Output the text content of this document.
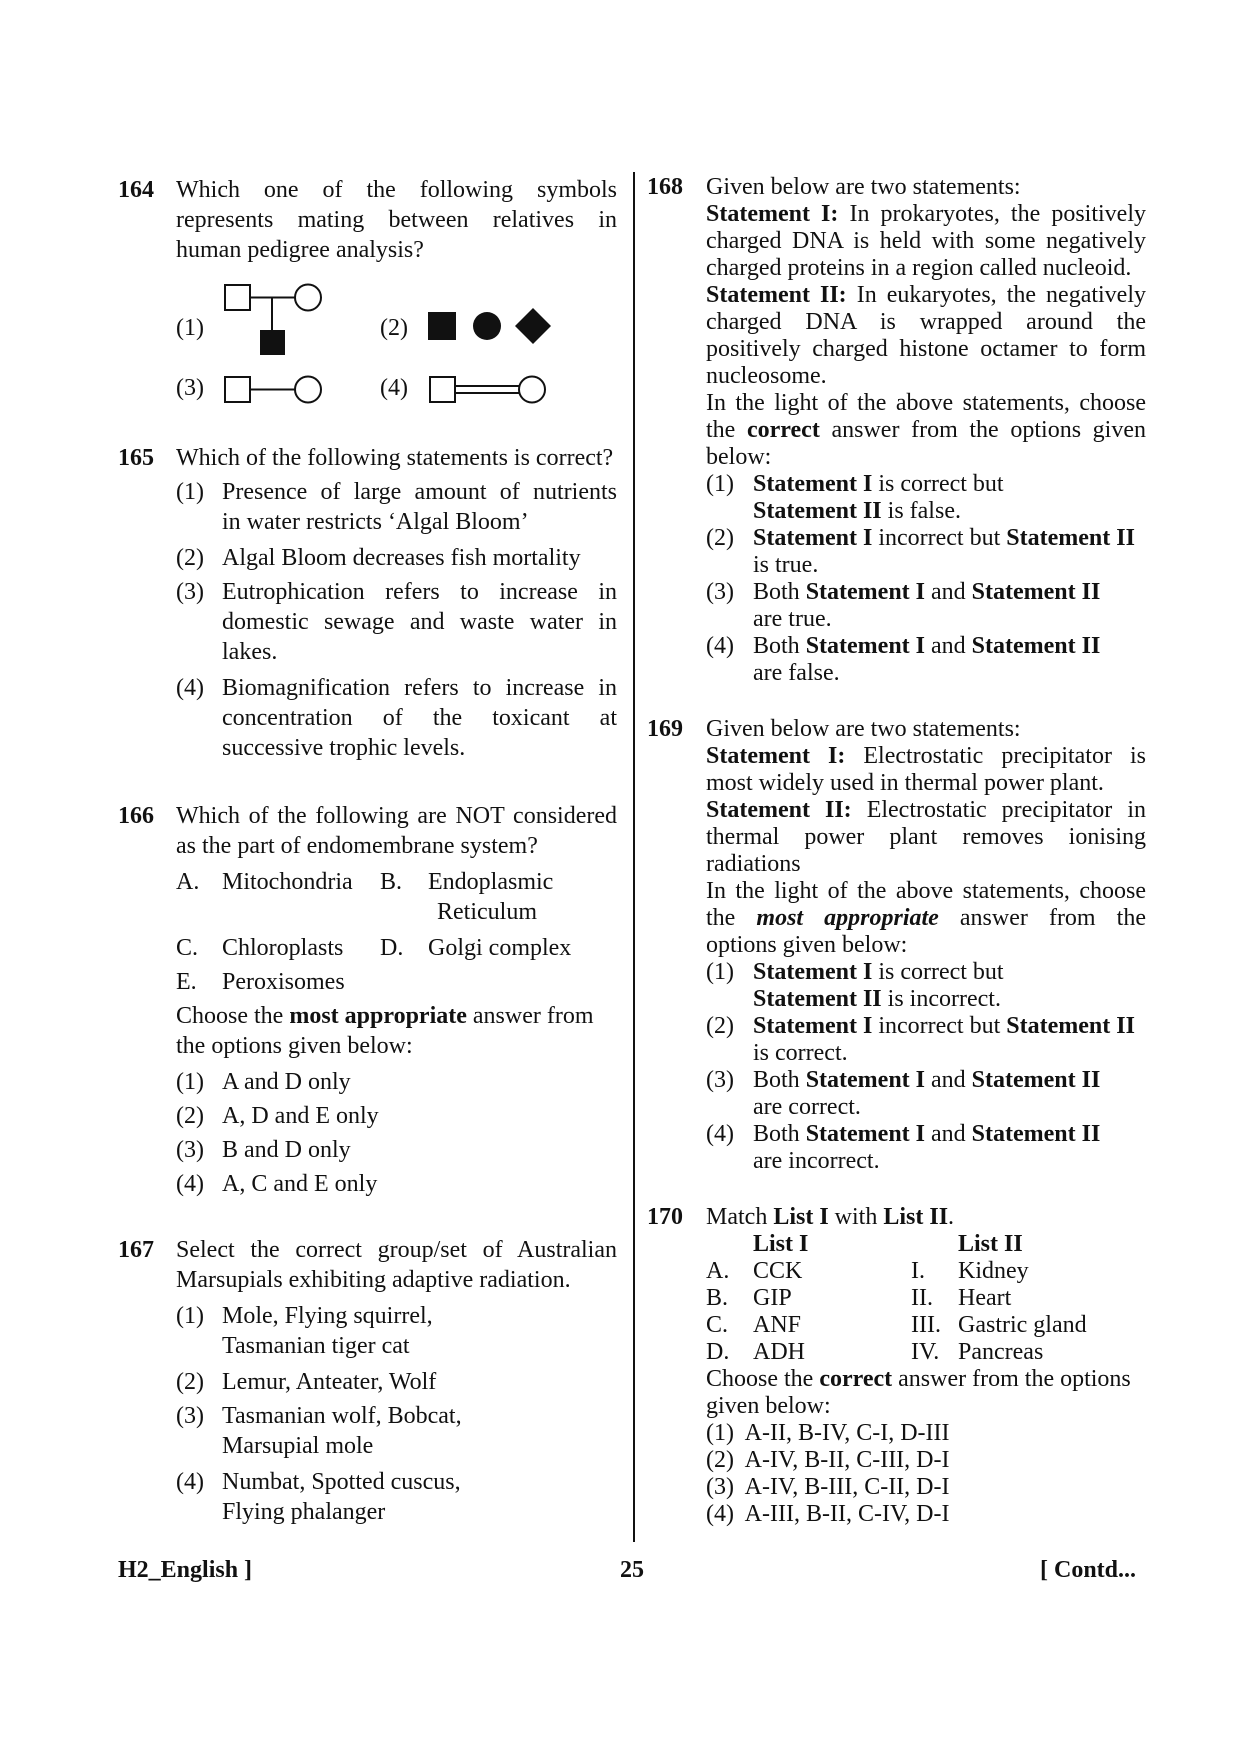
164 Which one of the following symbols
represents mating between relatives in
human pedigree analysis?
(1)	(2)
(3)	(4)
165 Which of the following statements is correct?
(1) Presence of large amount of nutrients
in water restricts ‘Algal Bloom’
(2) Algal Bloom decreases fish mortality
(3) Eutrophication refers to increase in
domestic sewage and waste water in
lakes.
(4) Biomagnification refers to increase in
concentration of the toxicant at
successive trophic levels.
166 Which of the following are NOT considered
as the part of endomembrane system?
A. Mitochondria B. Endoplasmic
Reticulum
C. Chloroplasts D. Golgi complex
E. Peroxisomes
Choose the most appropriate answer from
the options given below:
(1) A and D only
(2) A, D and E only
(3) B and D only
(4) A, C and E only
167 Select the correct group/set of Australian
Marsupials exhibiting adaptive radiation.
(1) Mole, Flying squirrel,
Tasmanian tiger cat
(2) Lemur, Anteater, Wolf
(3) Tasmanian wolf, Bobcat,
Marsupial mole
(4) Numbat, Spotted cuscus,
Flying phalanger
168 Given below are two statements:
Statement I: In prokaryotes, the positively
charged DNA is held with some negatively
charged proteins in a region called nucleoid.
Statement II: In eukaryotes, the negatively
charged DNA is wrapped around the
positively charged histone octamer to form
nucleosome.
In the light of the above statements, choose
the correct answer from the options given
below:
(1) Statement I is correct but
Statement II is false.
(2) Statement I incorrect but Statement II
is true.
(3) Both Statement I and Statement II
are true.
(4) Both Statement I and Statement II
are false.
169 Given below are two statements:
Statement I: Electrostatic precipitator is
most widely used in thermal power plant.
Statement II: Electrostatic precipitator in
thermal power plant removes ionising
radiations
In the light of the above statements, choose
the most appropriate answer from the
options given below:
(1) Statement I is correct but
Statement II is incorrect.
(2) Statement I incorrect but Statement II
is correct.
(3) Both Statement I and Statement II
are correct.
(4) Both Statement I and Statement II
are incorrect.
170 Match List I with List II.
List I	List II
A. CCK	I. Kidney
B. GIP	II. Heart
C. ANF	III. Gastric gland
D. ADH	IV. Pancreas
Choose the correct answer from the options
given below:
(1)  A-II, B-IV, C-I, D-III
(2)  A-IV, B-II, C-III, D-I
(3)  A-IV, B-III, C-II, D-I
(4)  A-III, B-II, C-IV, D-I
H2_English ]	25	[ Contd...
